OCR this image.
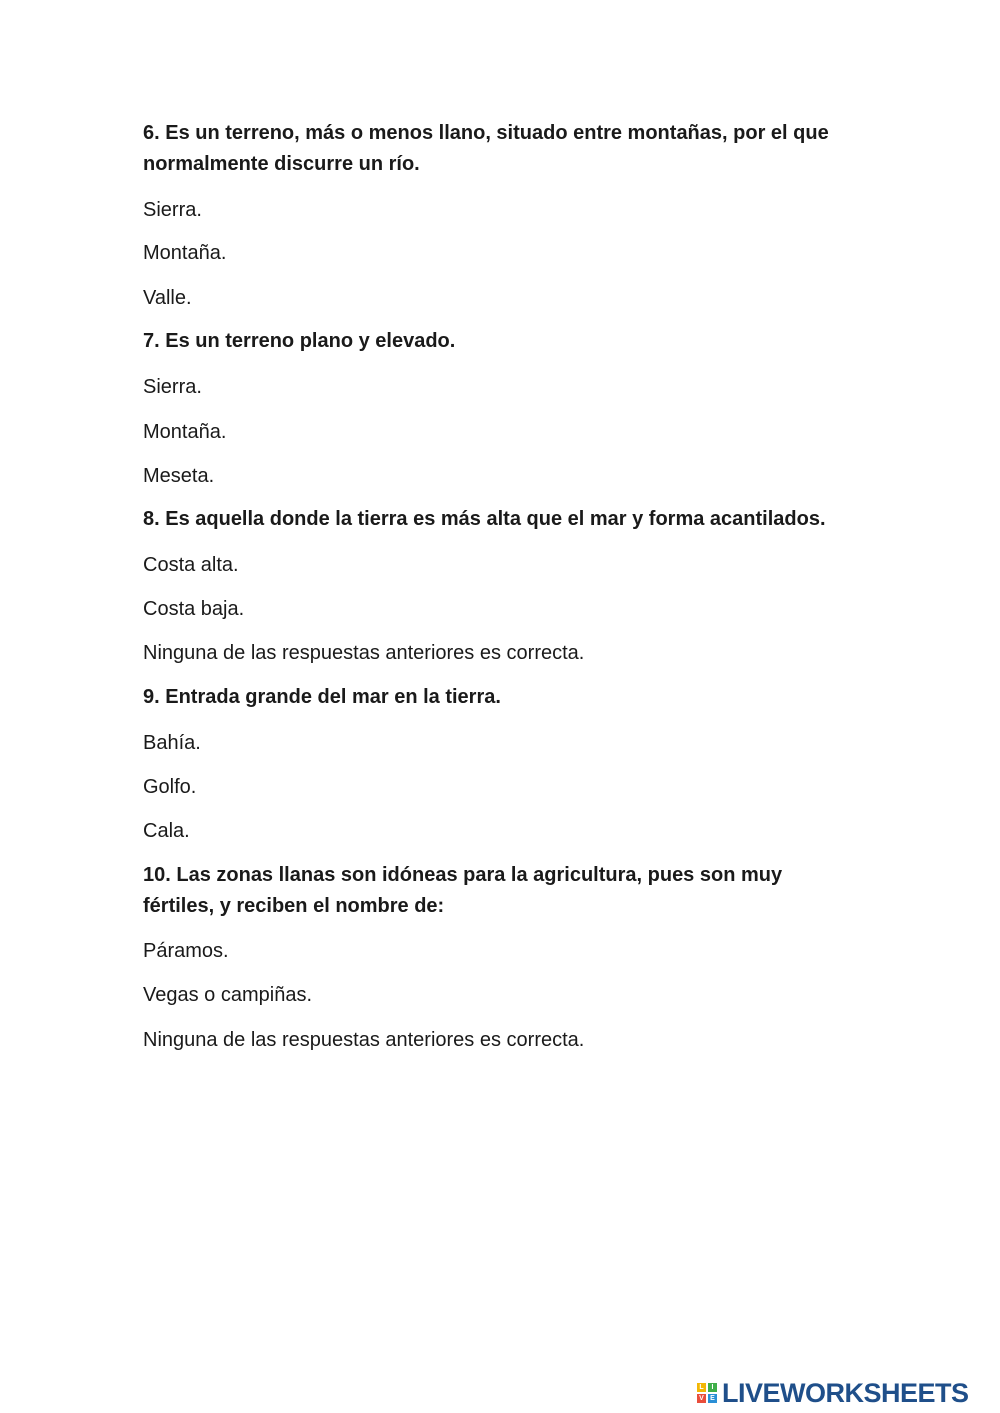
6. Es un terreno, más o menos llano, situado entre montañas, por el que
normalmente discurre un río.
Sierra.
Montaña.
Valle.
7. Es un terreno plano y elevado.
Sierra.
Montaña.
Meseta.
8. Es aquella donde la tierra es más alta que el mar y forma acantilados.
Costa alta.
Costa baja.
Ninguna de las respuestas anteriores es correcta.
9. Entrada grande del mar en la tierra.
Bahía.
Golfo.
Cala.
10. Las zonas llanas son idóneas para la agricultura, pues son muy
fértiles, y reciben el nombre de:
Páramos.
Vegas o campiñas.
Ninguna de las respuestas anteriores es correcta.
L	I
V E LIVEWORKSHEETS
